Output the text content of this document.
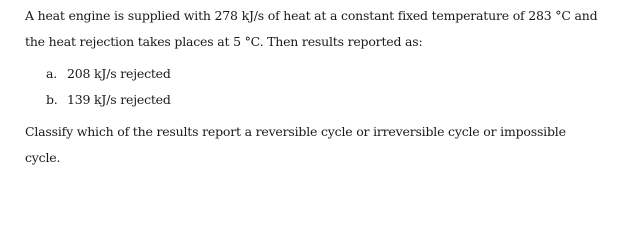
A heat engine is supplied with 278 kJ/s of heat at a constant fixed temperature of 283 °C and
the heat rejection takes places at 5 °C. Then results reported as:
a. 208 kJ/s rejected
b. 139 kJ/s rejected
Classify which of the results report a reversible cycle or irreversible cycle or impossible
cycle.
